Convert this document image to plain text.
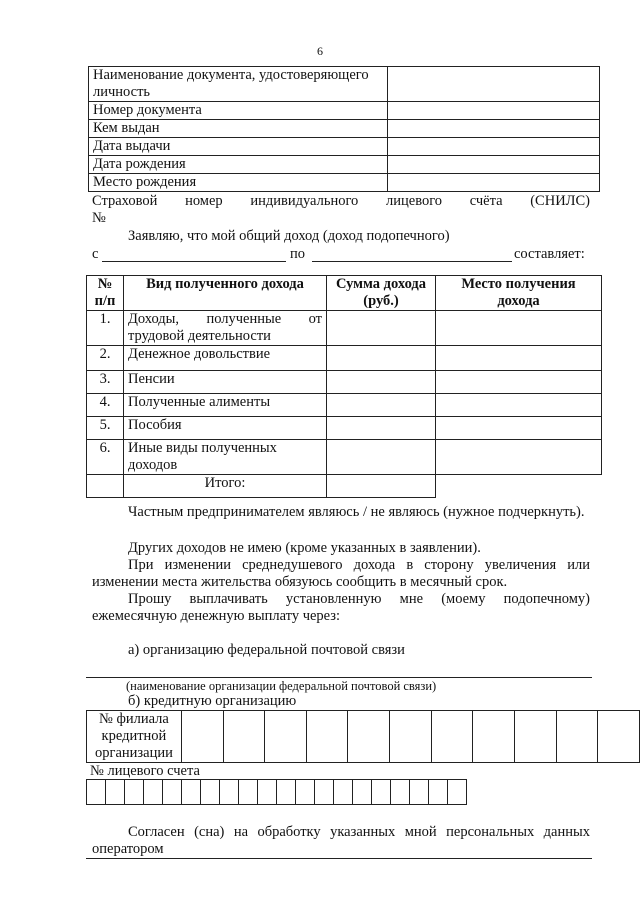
6
Наименование документа, удостоверяющего личность	
Номер документа	
Кем выдан	
Дата выдачи	
Дата рождения	
Место рождения	
Страховой номер индивидуального лицевого счёта (СНИЛС)
№
Заявляю, что мой общий доход (доход подопечного)
с	по	составляет:
№ п/п	Вид полученного дохода	Сумма дохода (руб.)	Место получения дохода
1.	Доходы, полученные от трудовой деятельности		
2.	Денежное довольствие		
3.	Пенсии		
4.	Полученные алименты		
5.	Пособия		
6.	Иные виды полученных доходов		
	Итого:		
Частным предпринимателем являюсь / не являюсь (нужное подчеркнуть).
Других доходов не имею (кроме указанных в заявлении).
При изменении среднедушевого дохода в сторону увеличения или изменении места жительства обязуюсь сообщить в месячный срок.
Прошу выплачивать установленную мне (моему подопечному) ежемесячную денежную выплату через:
а) организацию федеральной почтовой связи
(наименование организации федеральной почтовой связи)
б) кредитную организацию
№ филиала кредитной организации											
№ лицевого счета

Согласен (сна) на обработку указанных мной персональных данных оператором
